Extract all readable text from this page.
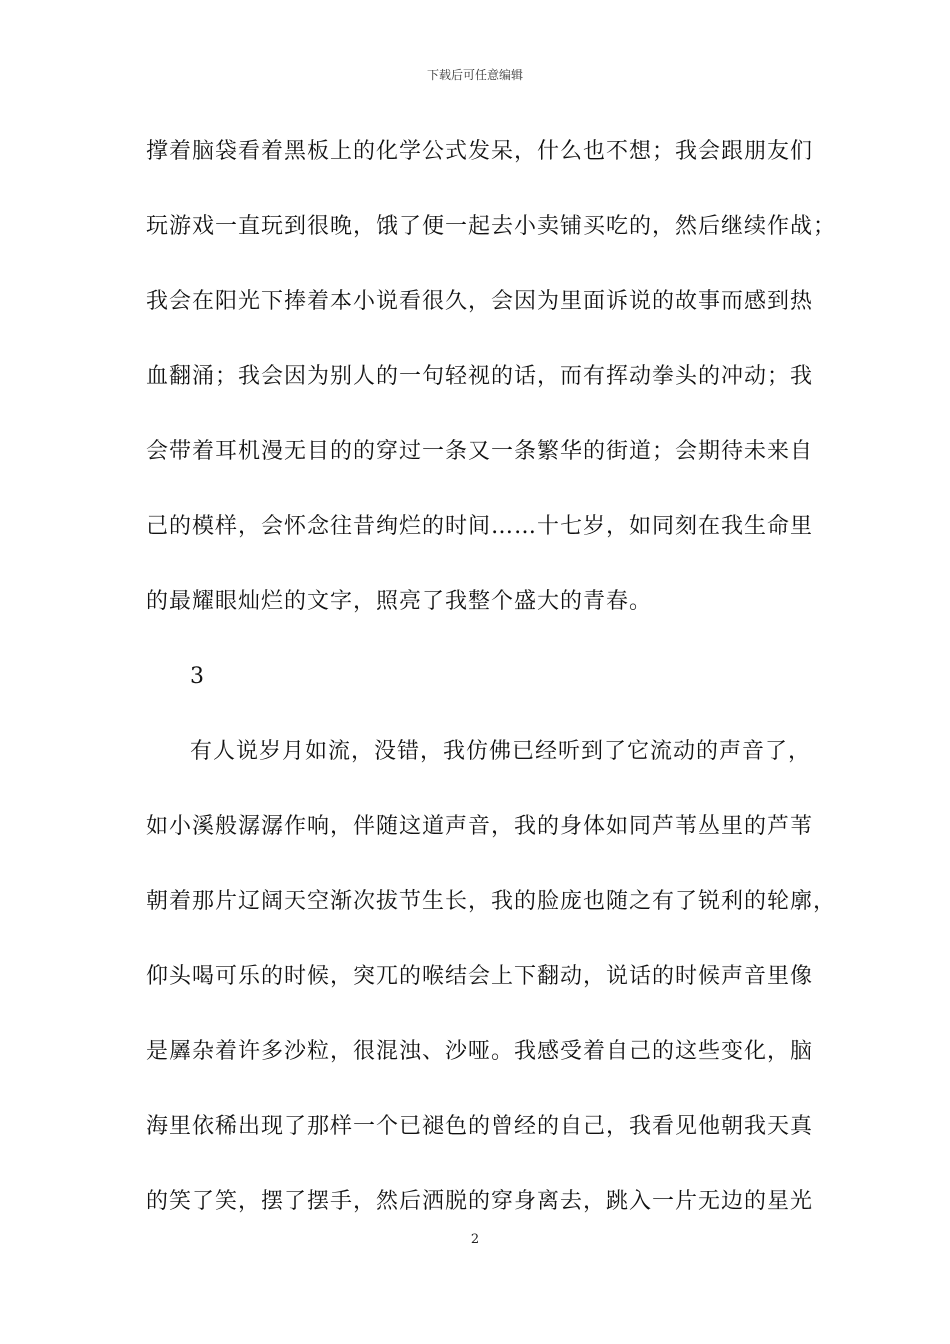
下载后可任意编辑
撑着脑袋看着黑板上的化学公式发呆，什么也不想；我会跟朋友们
玩游戏一直玩到很晚，饿了便一起去小卖铺买吃的，然后继续作战；
我会在阳光下捧着本小说看很久，会因为里面诉说的故事而感到热
血翻涌；我会因为别人的一句轻视的话，而有挥动拳头的冲动；我
会带着耳机漫无目的的穿过一条又一条繁华的街道；会期待未来自
己的模样，会怀念往昔绚烂的时间……十七岁，如同刻在我生命里
的最耀眼灿烂的文字，照亮了我整个盛大的青春。
3
有人说岁月如流，没错，我仿佛已经听到了它流动的声音了，
如小溪般潺潺作响，伴随这道声音，我的身体如同芦苇丛里的芦苇
朝着那片辽阔天空渐次拔节生长，我的脸庞也随之有了锐利的轮廓，
仰头喝可乐的时候，突兀的喉结会上下翻动，说话的时候声音里像
是羼杂着许多沙粒，很混浊、沙哑。我感受着自己的这些变化，脑
海里依稀出现了那样一个已褪色的曾经的自己，我看见他朝我天真
的笑了笑，摆了摆手，然后洒脱的穿身离去，跳入一片无边的星光
2
